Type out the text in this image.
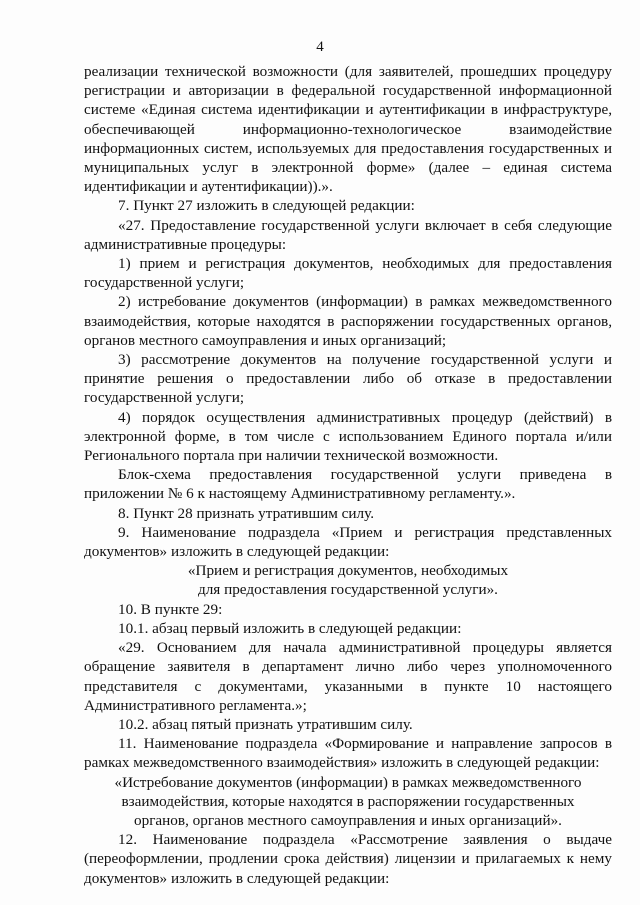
4

реализации технической возможности (для заявителей, прошедших процедуру регистрации и авторизации в федеральной государственной информационной системе «Единая система идентификации и аутентификации в инфраструктуре, обеспечивающей информационно-технологическое взаимодействие информационных систем, используемых для предоставления государственных и муниципальных услуг в электронной форме» (далее – единая система идентификации и аутентификации)).».

7. Пункт 27 изложить в следующей редакции:

«27. Предоставление государственной услуги включает в себя следующие административные процедуры:

1) прием и регистрация документов, необходимых для предоставления государственной услуги;

2) истребование документов (информации) в рамках межведомственного взаимодействия, которые находятся в распоряжении государственных органов, органов местного самоуправления и иных организаций;

3) рассмотрение документов на получение государственной услуги и принятие решения о предоставлении либо об отказе в предоставлении государственной услуги;

4) порядок осуществления административных процедур (действий) в электронной форме, в том числе с использованием Единого портала и/или Регионального портала при наличии технической возможности.

Блок-схема предоставления государственной услуги приведена в приложении № 6 к настоящему Административному регламенту.».

8. Пункт 28 признать утратившим силу.

9. Наименование подраздела «Прием и регистрация представленных документов» изложить в следующей редакции:

«Прием и регистрация документов, необходимых

для предоставления государственной услуги».

10. В пункте 29:

10.1. абзац первый изложить в следующей редакции:

«29. Основанием для начала административной процедуры является обращение заявителя в департамент лично либо через уполномоченного представителя с документами, указанными в пункте 10 настоящего Административного регламента.»;

10.2. абзац пятый признать утратившим силу.

11. Наименование подраздела «Формирование и направление запросов в рамках межведомственного взаимодействия» изложить в следующей редакции:

«Истребование документов (информации) в рамках межведомственного

взаимодействия, которые находятся в распоряжении государственных

органов, органов местного самоуправления и иных организаций».

12. Наименование подраздела «Рассмотрение заявления о выдаче (переоформлении, продлении срока действия) лицензии и прилагаемых к нему документов» изложить в следующей редакции:
